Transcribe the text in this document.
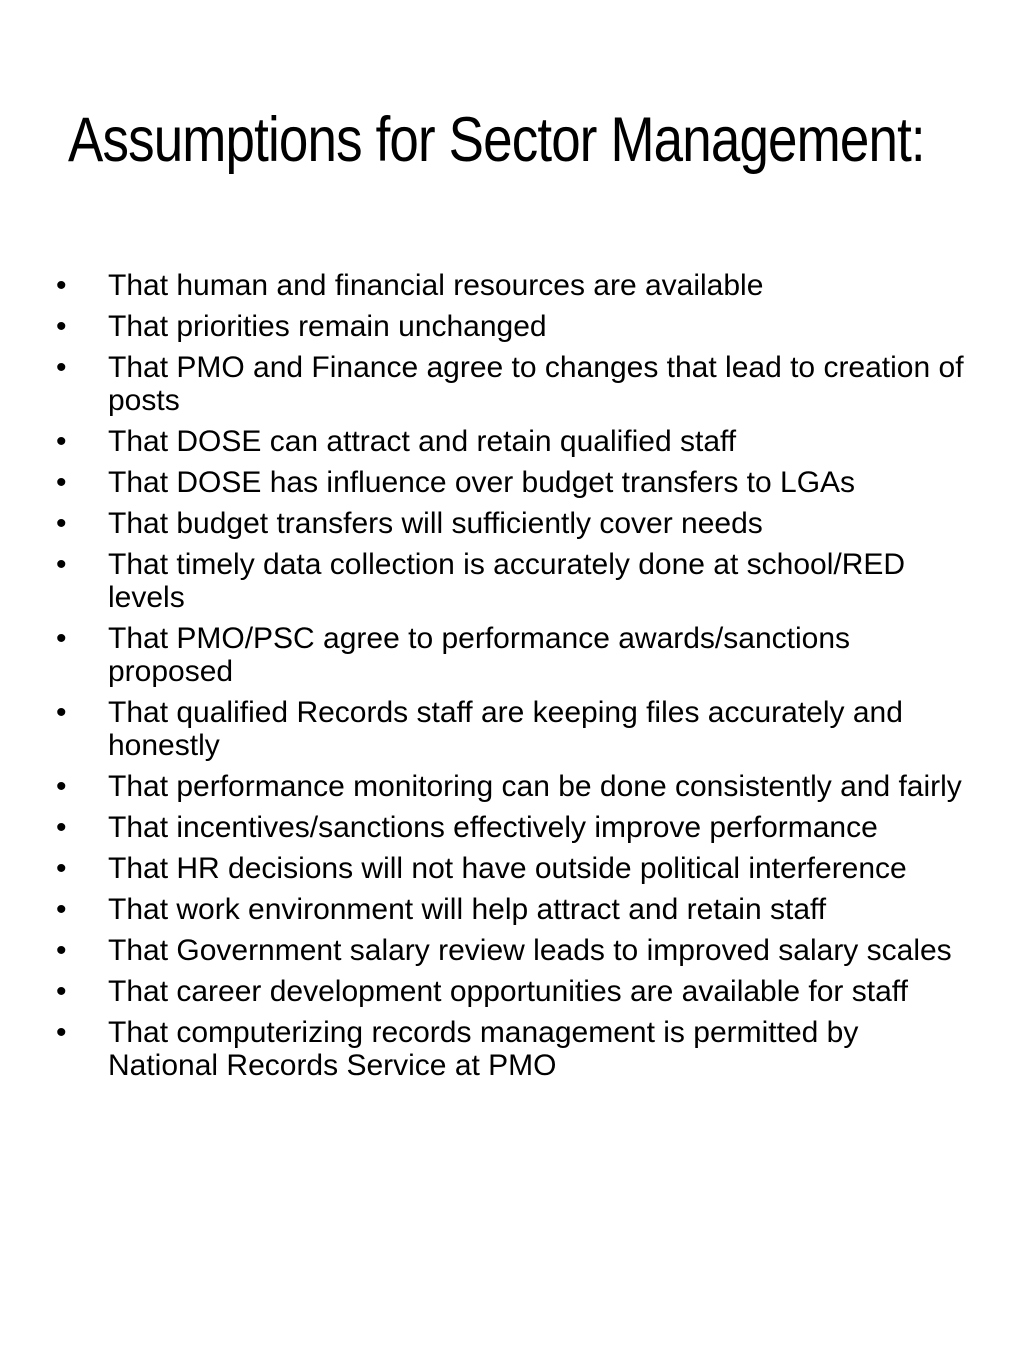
Assumptions for Sector Management:
• That human and financial resources are available
• That priorities remain unchanged
• That PMO and Finance agree to changes that lead to creation of posts
• That DOSE can attract and retain qualified staff
• That DOSE has influence over budget transfers to LGAs
• That budget transfers will sufficiently cover needs
• That timely data collection is accurately done at school/RED levels
• That PMO/PSC agree to performance awards/sanctions proposed
• That qualified Records staff are keeping files accurately and honestly
• That performance monitoring can be done consistently and fairly
• That incentives/sanctions effectively improve performance
• That HR decisions will not have outside political interference
• That work environment will help attract and retain staff
• That Government salary review leads to improved salary scales
• That career development opportunities are available for staff
• That computerizing records management is permitted by National Records Service at PMO
